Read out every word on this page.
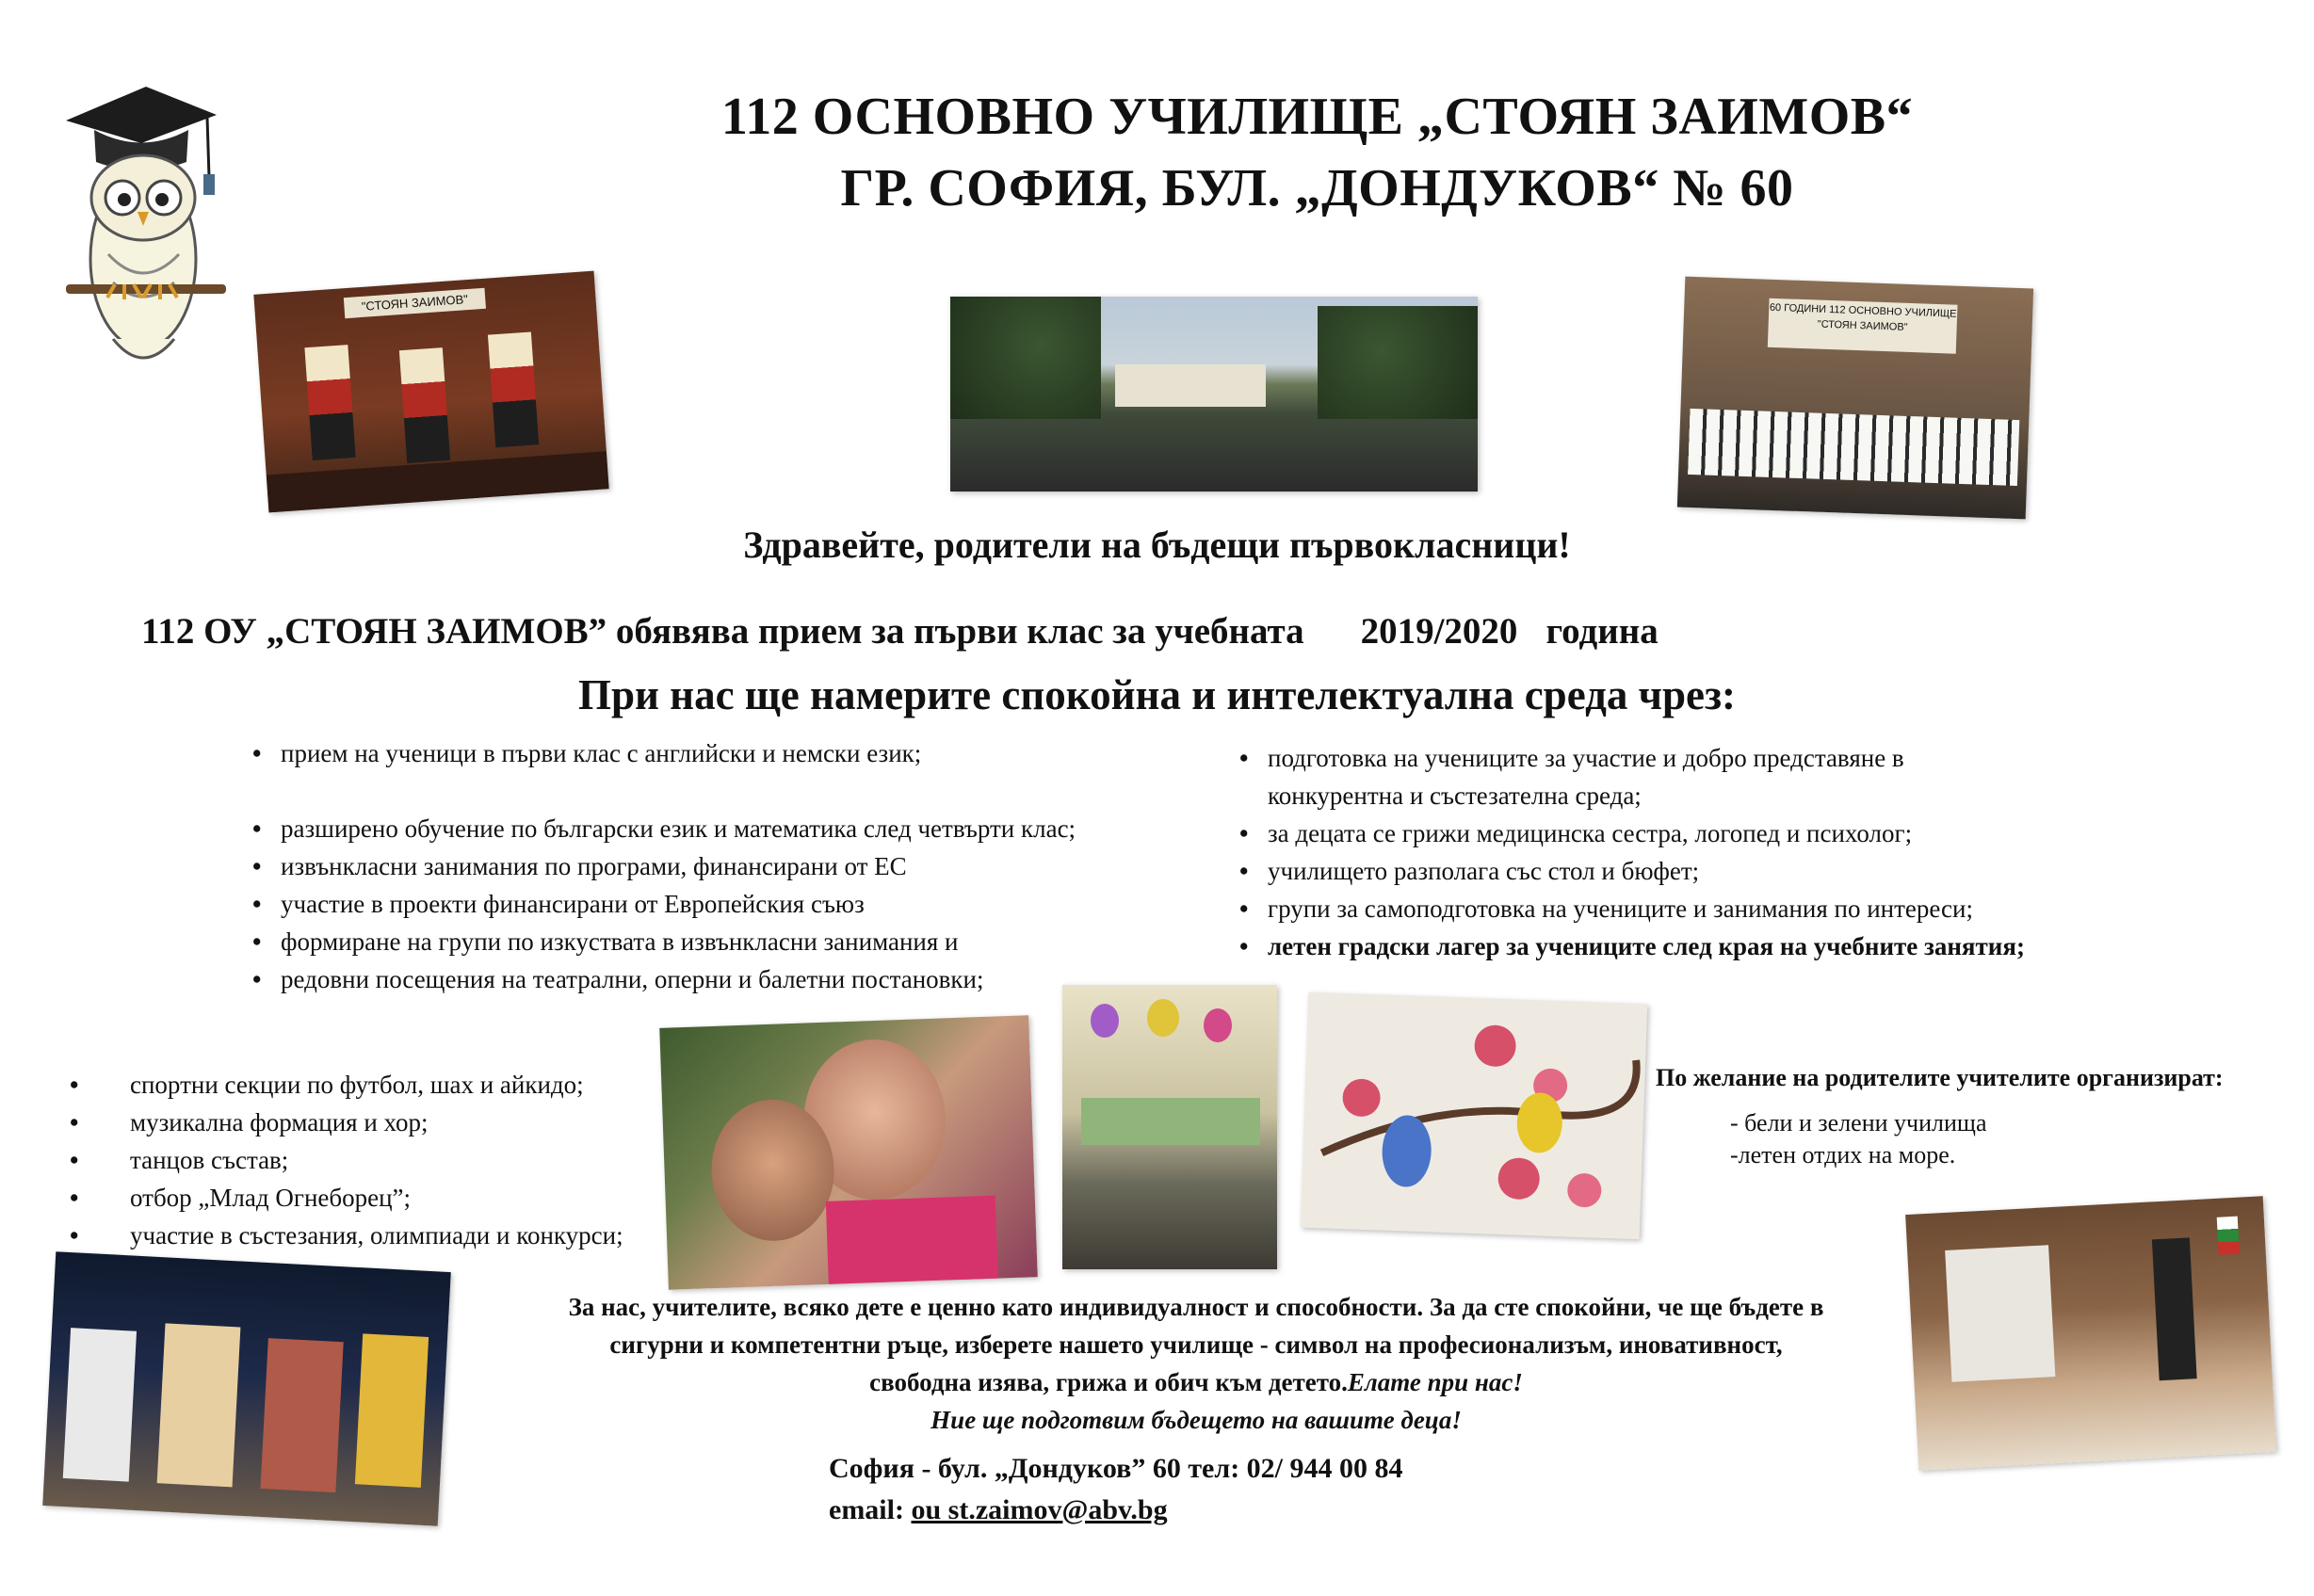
112 ОСНОВНО УЧИЛИЩЕ „СТОЯН ЗАИМОВ“
ГР. СОФИЯ, БУЛ. „ДОНДУКОВ“ № 60
"СТОЯН ЗАИМОВ"	60 ГОДИНИ 112 ОСНОВНО УЧИЛИЩЕ "СТОЯН ЗАИМОВ"
Здравейте, родители на бъдещи първокласници!
112 ОУ „СТОЯН ЗАИМОВ” обявява прием за първи клас за учебната 2019/2020 година
При нас ще намерите спокойна и интелектуална среда чрез:
• прием на ученици в първи клас с английски и немски език;
• разширено обучение по български език и математика след четвърти клас;
• извънкласни занимания по програми, финансирани от ЕС
• участие в проекти финансирани от Европейския съюз
• формиране на групи по изкуствата в извънкласни занимания и
• редовни посещения на театрални, оперни и балетни постановки;
• подготовка на учениците за участие и добро представяне в
конкурентна и състезателна среда;
• за децата се грижи медицинска сестра, логопед и психолог;
• училището разполага със стол и бюфет;
• групи за самоподготовка на учениците и занимания по интереси;
• летен градски лагер за учениците след края на учебните занятия;
• спортни секции по футбол, шах и айкидо;
• музикална формация и хор;
• танцов състав;
• отбор „Млад Огнеборец”;
• участие в състезания, олимпиади и конкурси;
По желание на родителите учителите организират:
- бели и зелени училища
-летен отдих на море.
За нас, учителите, всяко дете е ценно като индивидуалност и способности. За да сте спокойни, че ще бъдете в
сигурни и компетентни ръце, изберете нашето училище - символ на професионализъм, иновативност,
свободна изява, грижа и обич към детето.Елате при нас!
Ние ще подготвим бъдещето на вашите деца!
София - бул. „Дондуков” 60 тел: 02/ 944 00 84
email: ou st.zaimov@abv.bg
